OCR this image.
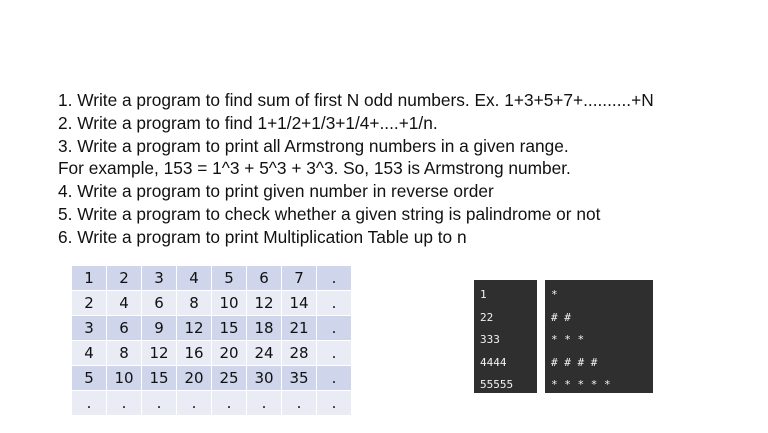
1. Write a program to find sum of first N odd numbers. Ex. 1+3+5+7+..........+N
2. Write a program to find 1+1/2+1/3+1/4+....+1/n.
3. Write a program to print all Armstrong numbers in a given range.
For example, 153 = 1^3 + 5^3 + 3^3. So, 153 is Armstrong number.
4. Write a program to print given number in reverse order
5. Write a program to check whether a given string is palindrome or not
6. Write a program to print Multiplication Table up to n
1	2	3	4	5	6	7	.
2	4	6	8	10	12	14	.
3	6	9	12	15	18	21	.
4	8	12	16	20	24	28	.
5	10	15	20	25	30	35	.
.	.	.	.	.	.	.	.
1
22
333
4444
55555
*
# #
* * *
# # # #
* * * * *
